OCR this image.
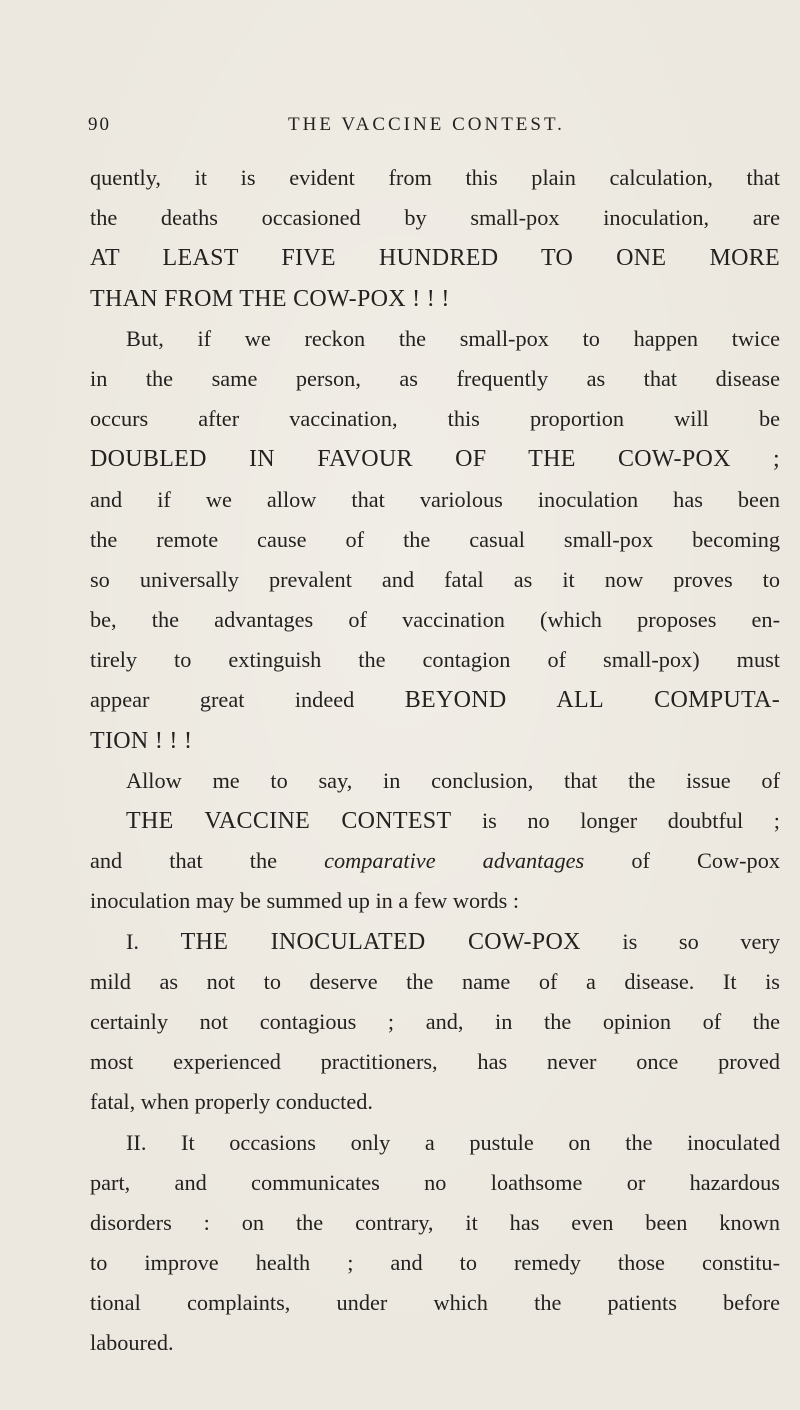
90	THE VACCINE CONTEST.
quently, it is evident from this plain calculation, that
the deaths occasioned by small-pox inoculation, are
AT LEAST FIVE HUNDRED TO ONE MORE
THAN FROM THE COW-POX ! ! !
But, if we reckon the small-pox to happen twice
in the same person, as frequently as that disease
occurs after vaccination, this proportion will be
DOUBLED IN FAVOUR OF THE COW-POX ;
and if we allow that variolous inoculation has been
the remote cause of the casual small-pox becoming
so universally prevalent and fatal as it now proves to
be, the advantages of vaccination (which proposes en-
tirely to extinguish the contagion of small-pox) must
appear great indeed BEYOND ALL COMPUTA-
TION ! ! !
Allow me to say, in conclusion, that the issue of
THE VACCINE CONTEST is no longer doubtful ;
and that the comparative advantages of Cow-pox
inoculation may be summed up in a few words :
I. THE INOCULATED COW-POX is so very
mild as not to deserve the name of a disease. It is
certainly not contagious ; and, in the opinion of the
most experienced practitioners, has never once proved
fatal, when properly conducted.
II. It occasions only a pustule on the inoculated
part, and communicates no loathsome or hazardous
disorders : on the contrary, it has even been known
to improve health ; and to remedy those constitu-
tional complaints, under which the patients before
laboured.
